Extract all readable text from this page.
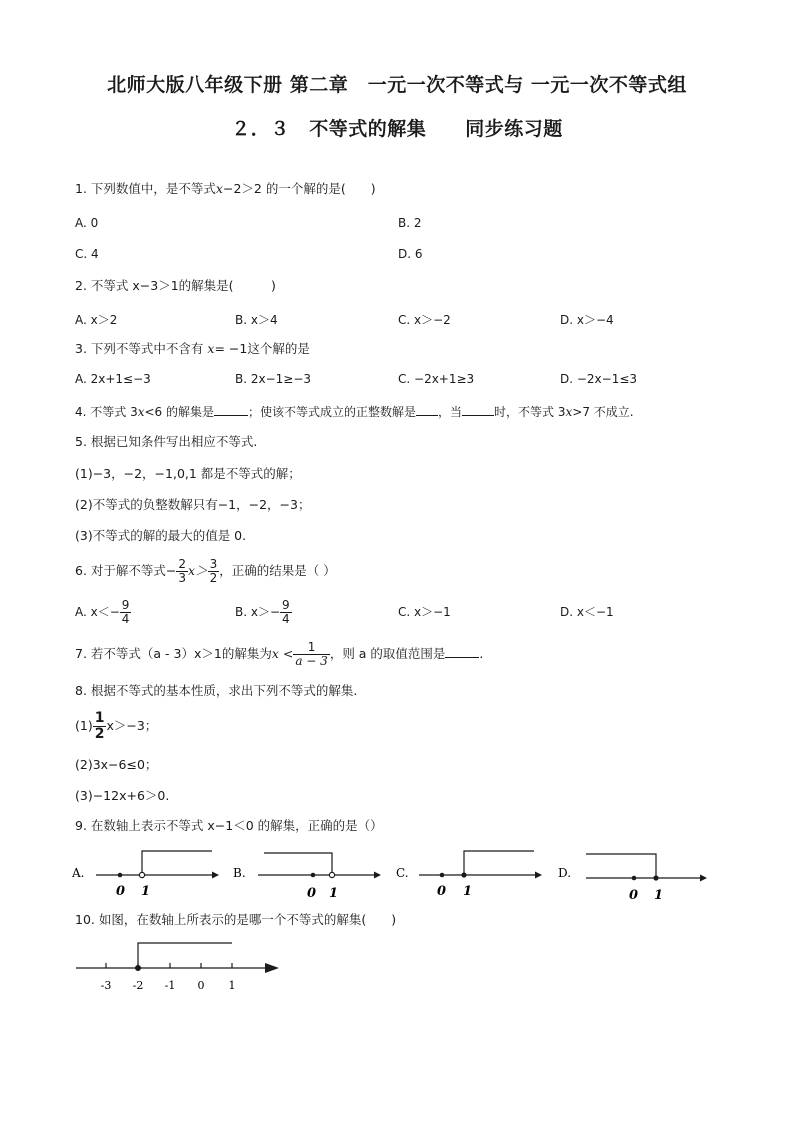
北师大版八年级下册 第二章　一元一次不等式与 一元一次不等式组
２．３　不等式的解集　　同步练习题
1. 下列数值中，是不等式x−2＞2 的一个解的是(　　)
A. 0	B. 2
C. 4	D. 6
2. 不等式 x−3＞1的解集是(　　　)
A. x＞2	B. x＞4	C. x＞−2	D. x＞−4
3. 下列不等式中不含有 x= −1这个解的是
A. 2x+1≤−3	B. 2x−1≥−3	C. −2x+1≥3	D. −2x−1≤3
4. 不等式 3x<6 的解集是	；使该不等式成立的正整数解是 ，当	时，不等式 3x>7 不成立.
5. 根据已知条件写出相应不等式.
(1)−3，−2，−1,0,1 都是不等式的解；
(2)不等式的负整数解只有−1，−2，−3；
(3)不等式的解的最大的值是 0.
6. 对于解不等式− $\frac{2}{3} x> \frac{3}{2}$ ，正确的结果是（ ）
A. $x<- \frac{9}{4}$	B. $x>- \frac{9}{4}$	C. x＞−1	D. x＜−1
7. 若不等式（a - 3）x＞1的解集为$x < \frac{1}{a - 3}$ ，则 a 的取值范围是	.
8. 根据不等式的基本性质，求出下列不等式的解集.
$(1) \frac{1}{2} x>-3$；
(2)3x−6≤0；
(3)−12x+6＞0.
9. 在数轴上表示不等式 x−1＜0 的解集，正确的是（）
A.
0 1
B.
0 1
C.
0 1
D.
0 1
10. 如图，在数轴上所表示的是哪一个不等式的解集(　　)
-3 -2 -1 0 1
